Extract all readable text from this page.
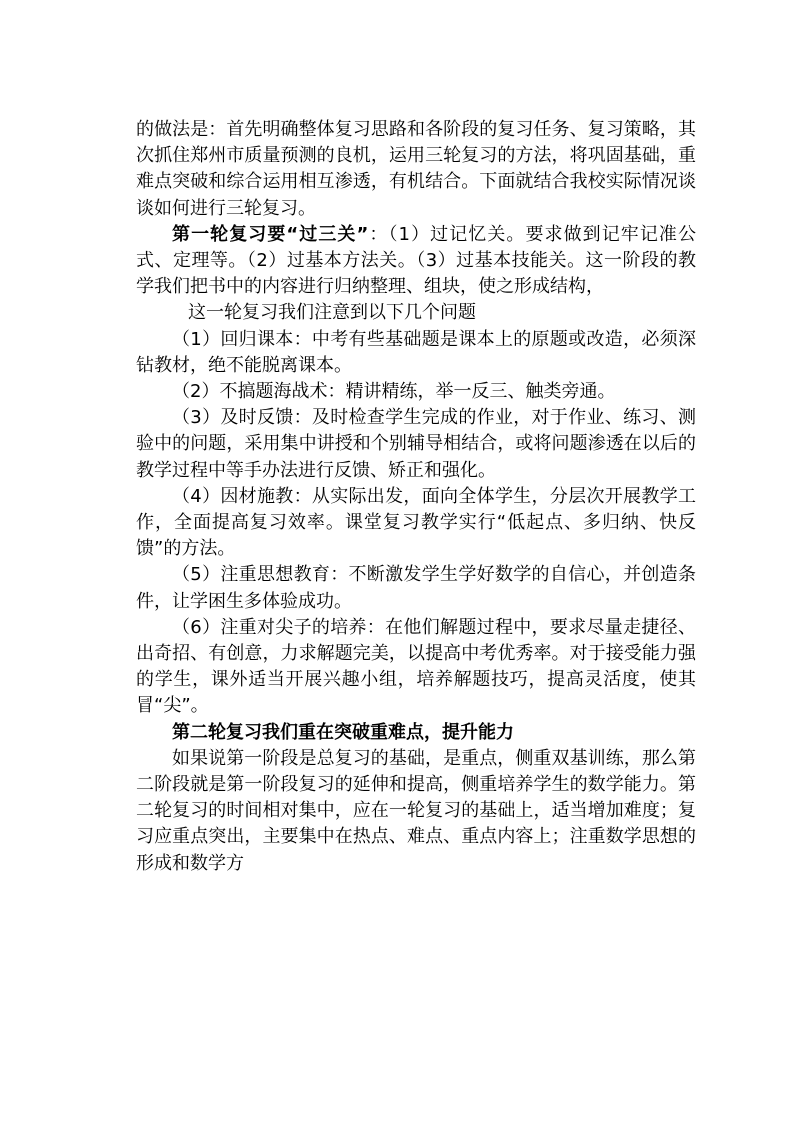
的做法是：首先明确整体复习思路和各阶段的复习任务、复习策略，其次抓住郑州市质量预测的良机，运用三轮复习的方法，将巩固基础，重难点突破和综合运用相互渗透，有机结合。下面就结合我校实际情况谈谈如何进行三轮复习。

第一轮复习要“过三关”：（1）过记忆关。要求做到记牢记准公式、定理等。（2）过基本方法关。（3）过基本技能关。这一阶段的教学我们把书中的内容进行归纳整理、组块，使之形成结构，

这一轮复习我们注意到以下几个问题

（1）回归课本：中考有些基础题是课本上的原题或改造，必须深钻教材，绝不能脱离课本。

（2）不搞题海战术：精讲精练，举一反三、触类旁通。

（3）及时反馈：及时检查学生完成的作业，对于作业、练习、测验中的问题，采用集中讲授和个别辅导相结合，或将问题渗透在以后的教学过程中等手办法进行反馈、矫正和强化。

（4）因材施教：从实际出发，面向全体学生，分层次开展教学工作，全面提高复习效率。课堂复习教学实行“低起点、多归纳、快反馈”的方法。

（5）注重思想教育：不断激发学生学好数学的自信心，并创造条件，让学困生多体验成功。

（6）注重对尖子的培养：在他们解题过程中，要求尽量走捷径、出奇招、有创意，力求解题完美，以提高中考优秀率。对于接受能力强的学生，课外适当开展兴趣小组，培养解题技巧，提高灵活度，使其冒“尖”。

第二轮复习我们重在突破重难点，提升能力

如果说第一阶段是总复习的基础，是重点，侧重双基训练，那么第二阶段就是第一阶段复习的延伸和提高，侧重培养学生的数学能力。第二轮复习的时间相对集中，应在一轮复习的基础上，适当增加难度；复习应重点突出，主要集中在热点、难点、重点内容上；注重数学思想的形成和数学方
